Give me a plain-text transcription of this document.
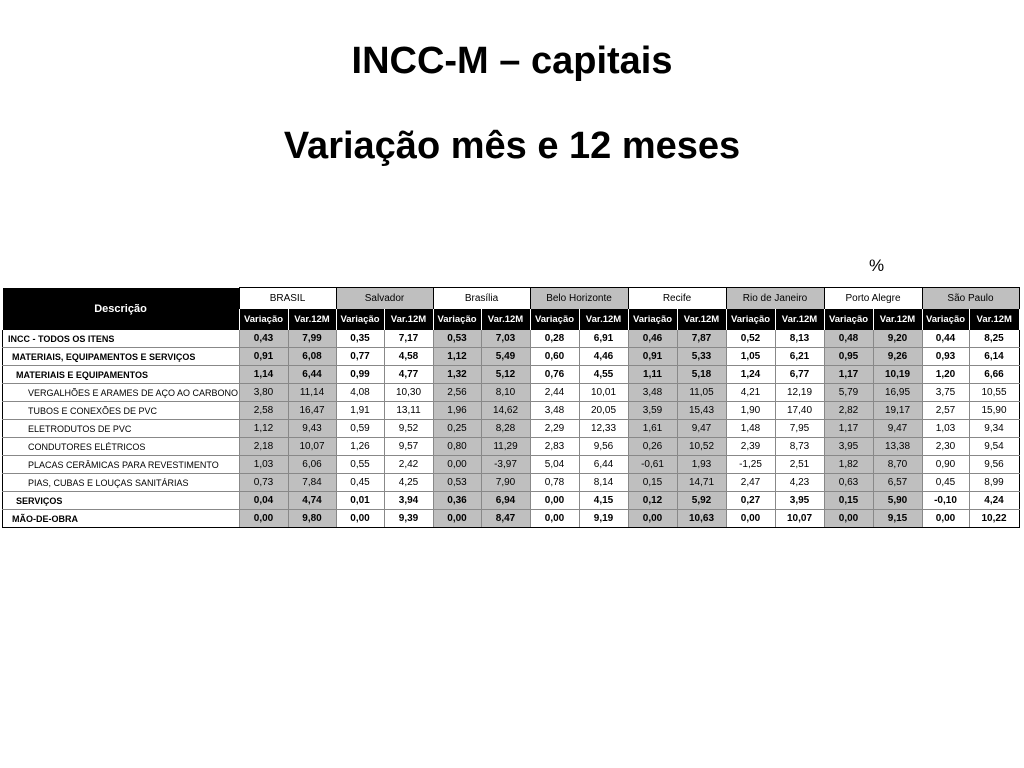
INCC-M – capitais
Variação mês e 12 meses
%
Descrição	BRASIL		Salvador		Brasília		Belo Horizonte		Recife		Rio de Janeiro		Porto Alegre		São Paulo	
	Variação	Var.12M	Variação	Var.12M	Variação	Var.12M	Variação	Var.12M	Variação	Var.12M	Variação	Var.12M	Variação	Var.12M	Variação	Var.12M
INCC - TODOS OS ITENS	0,43	7,99	0,35	7,17	0,53	7,03	0,28	6,91	0,46	7,87	0,52	8,13	0,48	9,20	0,44	8,25
MATERIAIS, EQUIPAMENTOS E SERVIÇOS	0,91	6,08	0,77	4,58	1,12	5,49	0,60	4,46	0,91	5,33	1,05	6,21	0,95	9,26	0,93	6,14
MATERIAIS E EQUIPAMENTOS	1,14	6,44	0,99	4,77	1,32	5,12	0,76	4,55	1,11	5,18	1,24	6,77	1,17	10,19	1,20	6,66
VERGALHÕES E ARAMES DE AÇO AO CARBONO	3,80	11,14	4,08	10,30	2,56	8,10	2,44	10,01	3,48	11,05	4,21	12,19	5,79	16,95	3,75	10,55
TUBOS E CONEXÕES DE PVC	2,58	16,47	1,91	13,11	1,96	14,62	3,48	20,05	3,59	15,43	1,90	17,40	2,82	19,17	2,57	15,90
ELETRODUTOS DE PVC	1,12	9,43	0,59	9,52	0,25	8,28	2,29	12,33	1,61	9,47	1,48	7,95	1,17	9,47	1,03	9,34
CONDUTORES ELÉTRICOS	2,18	10,07	1,26	9,57	0,80	11,29	2,83	9,56	0,26	10,52	2,39	8,73	3,95	13,38	2,30	9,54
PLACAS CERÂMICAS PARA REVESTIMENTO	1,03	6,06	0,55	2,42	0,00	-3,97	5,04	6,44	-0,61	1,93	-1,25	2,51	1,82	8,70	0,90	9,56
PIAS, CUBAS E LOUÇAS SANITÁRIAS	0,73	7,84	0,45	4,25	0,53	7,90	0,78	8,14	0,15	14,71	2,47	4,23	0,63	6,57	0,45	8,99
SERVIÇOS	0,04	4,74	0,01	3,94	0,36	6,94	0,00	4,15	0,12	5,92	0,27	3,95	0,15	5,90	-0,10	4,24
MÃO-DE-OBRA	0,00	9,80	0,00	9,39	0,00	8,47	0,00	9,19	0,00	10,63	0,00	10,07	0,00	9,15	0,00	10,22
